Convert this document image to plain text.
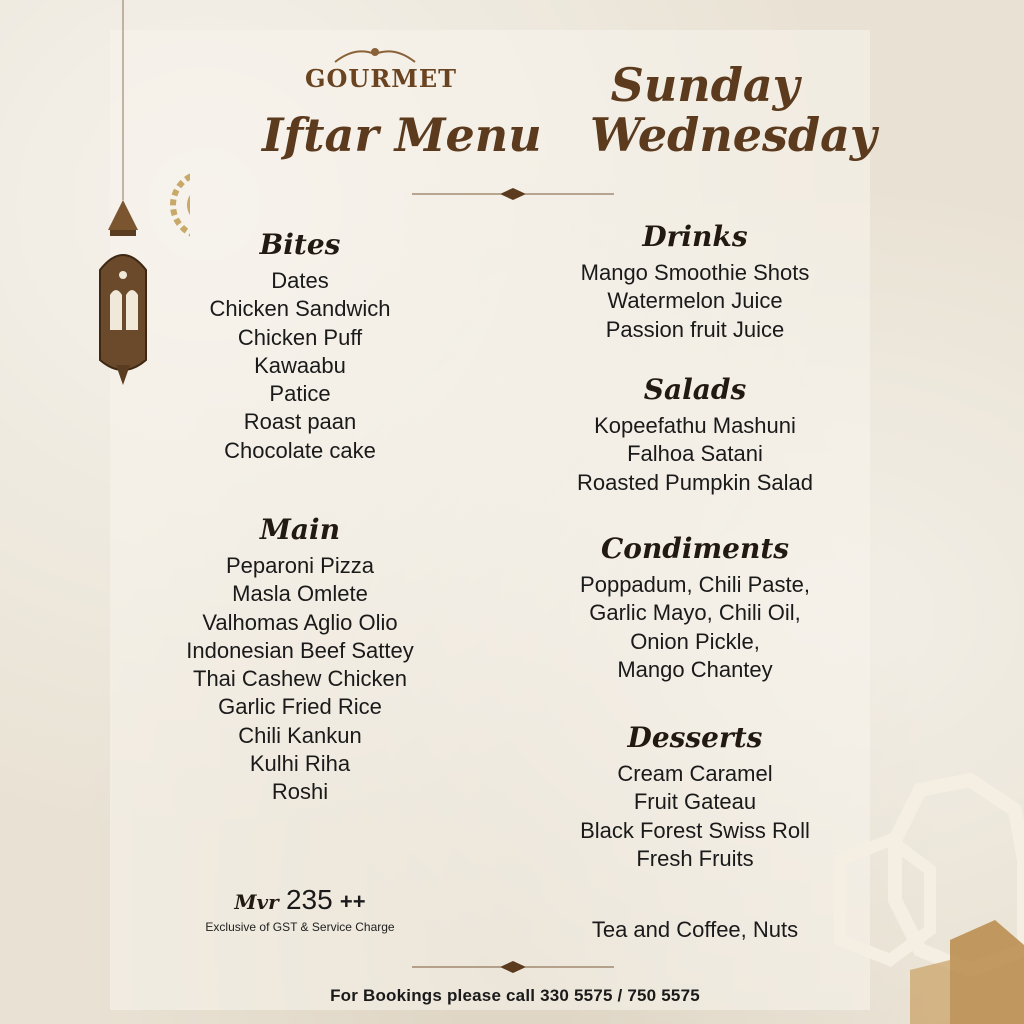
GOURMET
Iftar Menu
Sunday
Wednesday
Bites
Dates
Chicken Sandwich
Chicken Puff
Kawaabu
Patice
Roast paan
Chocolate cake
Main
Peparoni Pizza
Masla Omlete
Valhomas Aglio Olio
Indonesian Beef Sattey
Thai Cashew Chicken
Garlic Fried Rice
Chili Kankun
Kulhi Riha
Roshi
Drinks
Mango Smoothie Shots
Watermelon Juice
Passion fruit Juice
Salads
Kopeefathu Mashuni
Falhoa Satani
Roasted Pumpkin Salad
Condiments
Poppadum, Chili Paste,
Garlic Mayo, Chili Oil,
Onion Pickle,
Mango Chantey
Desserts
Cream Caramel
Fruit Gateau
Black Forest Swiss Roll
Fresh Fruits
Tea and Coffee, Nuts
Mvr 235 ++
Exclusive of GST & Service Charge
For Bookings please call 330 5575 / 750 5575
